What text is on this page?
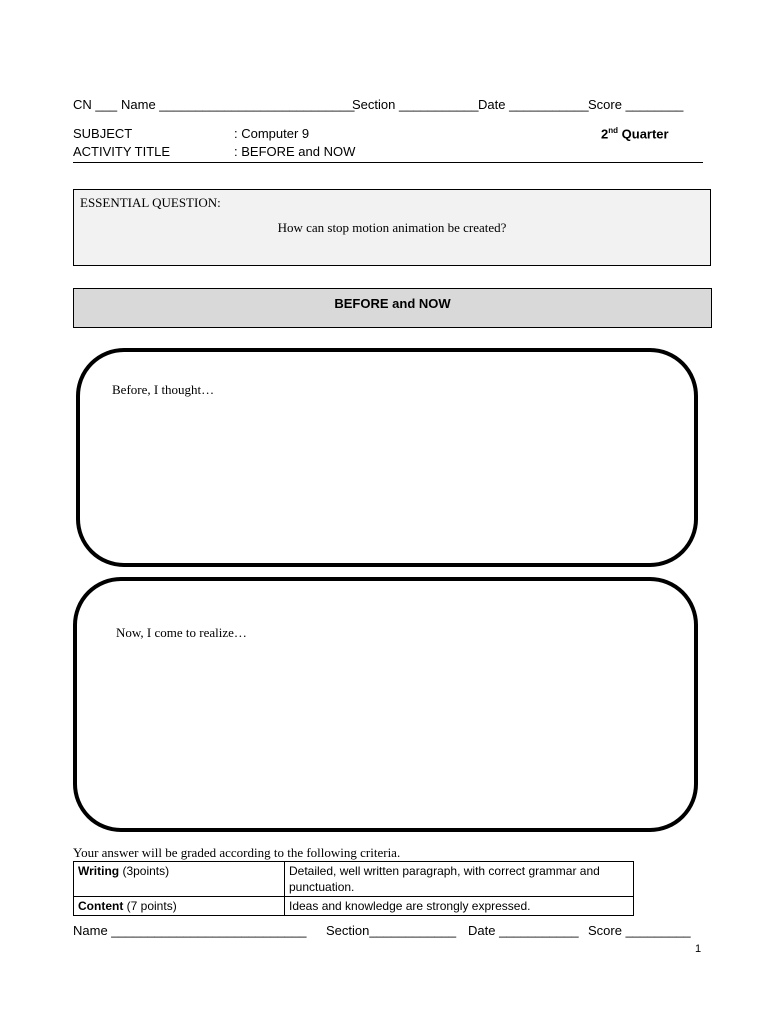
CN ___ Name ___________________________
Section ___________ Date ___________ Score ________
SUBJECT	: Computer 9	2nd Quarter
ACTIVITY TITLE	: BEFORE and NOW
ESSENTIAL QUESTION:
How can stop motion animation be created?
BEFORE and NOW
Before, I thought…
Now, I come to realize…
Your answer will be graded according to the following criteria.
Writing (3points)	Detailed, well written paragraph, with correct grammar and punctuation.
Content (7 points)	Ideas and knowledge are strongly expressed.
Name ___________________________ Section____________ Date ___________ Score _________
1
